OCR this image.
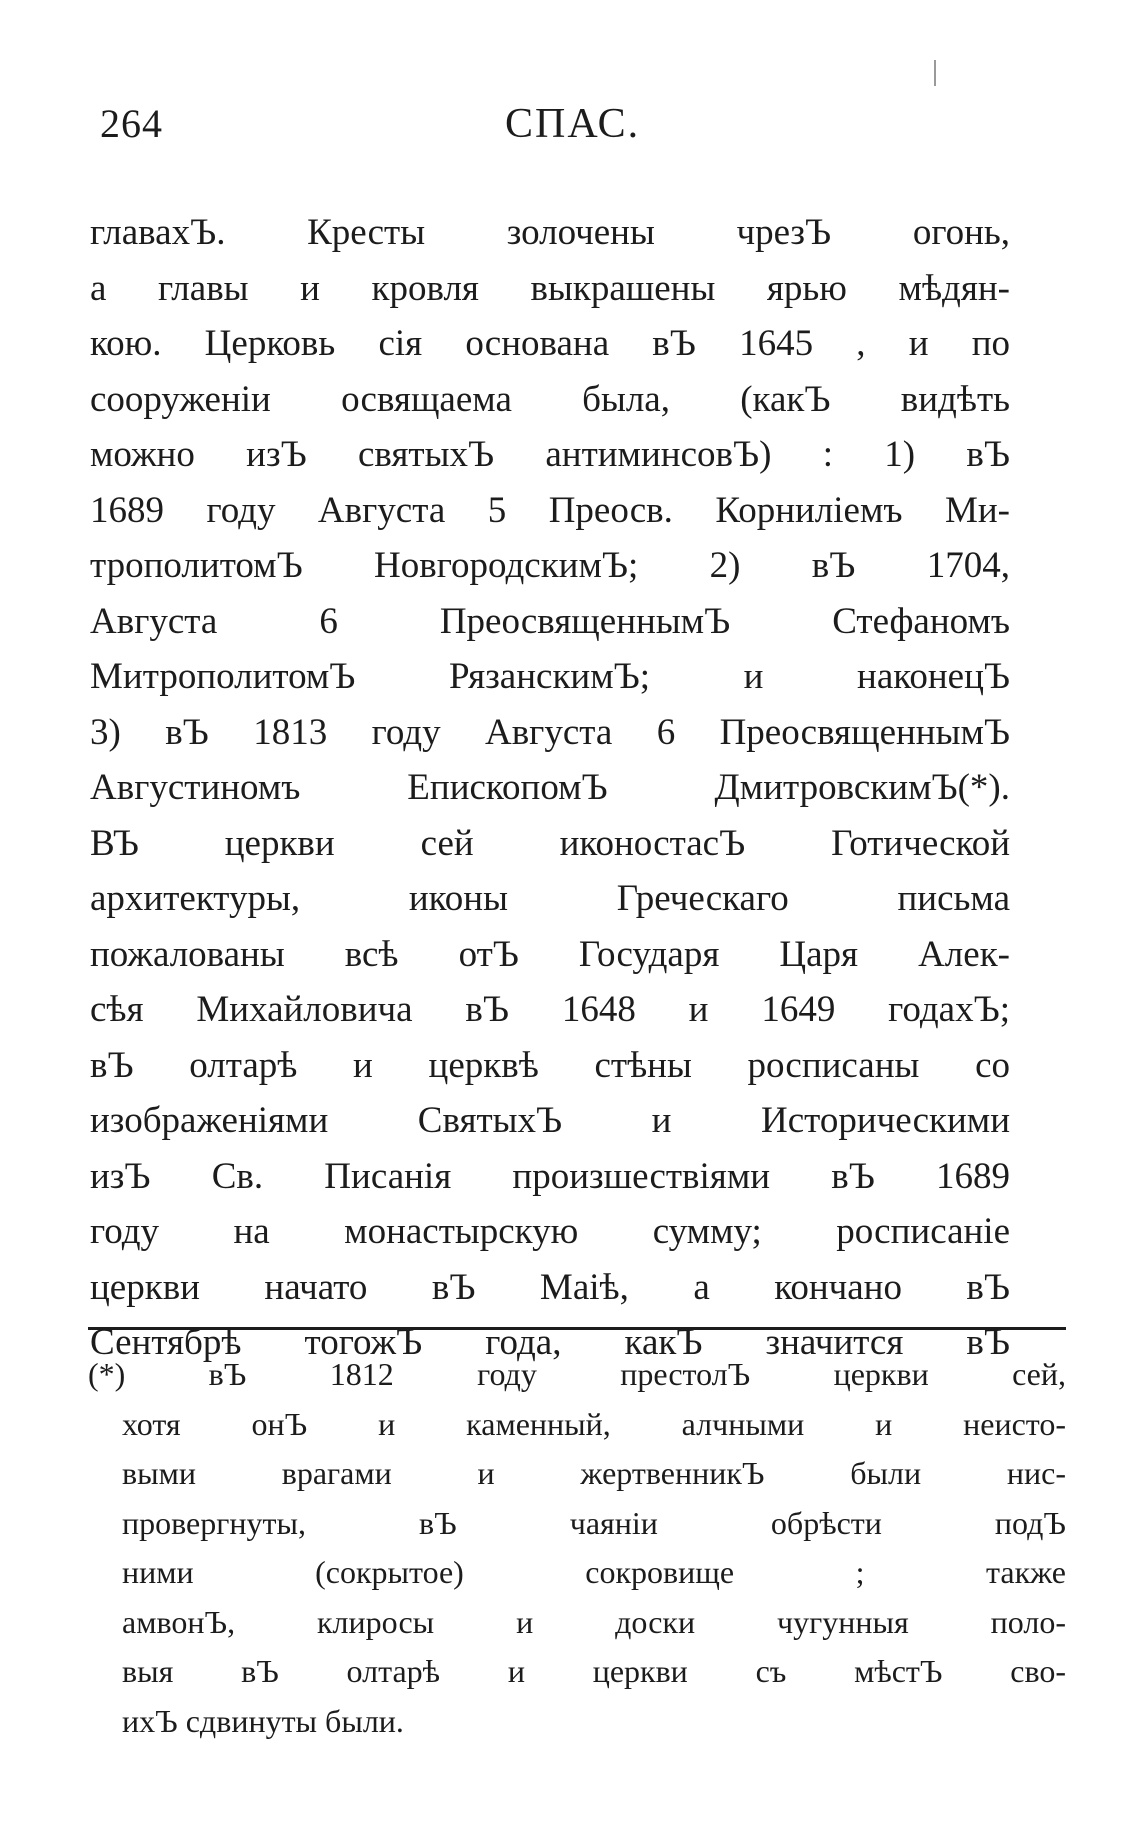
264	СПАС.
главахЪ. Кресты золочены чрезЪ огонь,
а главы и кровля выкрашены ярью мѣдян-
кою. Церковь сія основана вЪ 1645 , и по
сооруженіи освящаема была, (какЪ видѣть
можно изЪ святыхЪ антиминсовЪ) : 1) вЪ
1689 году Августа 5 Преосв. Корниліемъ Ми-
трополитомЪ НовгородскимЪ; 2) вЪ 1704,
Августа 6 ПреосвященнымЪ Стефаномъ
МитрополитомЪ РязанскимЪ; и наконецЪ
3) вЪ 1813 году Августа 6 ПреосвященнымЪ
Августиномъ ЕпископомЪ ДмитровскимЪ(*).
ВЪ церкви сей иконостасЪ Готической
архитектуры, иконы Греческаго письма
пожалованы всѣ отЪ Государя Царя Алек-
сѣя Михайловича вЪ 1648 и 1649 годахЪ;
вЪ олтарѣ и церквѣ стѣны росписаны со
изображеніями СвятыхЪ и Историческими
изЪ Св. Писанія произшествіями вЪ 1689
году на монастырскую сумму; росписаніе
церкви начато вЪ Маіѣ, а кончано вЪ
Сентябрѣ тогожЪ года, какЪ значится вЪ
(*) вЪ 1812 году престолЪ церкви сей,
хотя онЪ и каменный, алчными и неисто-
выми врагами и жертвенникЪ были нис-
провергнуты, вЪ чаяніи обрѣсти подЪ
ними (сокрытое) сокровище ; также
амвонЪ, клиросы и доски чугунныя поло-
выя вЪ олтарѣ и церкви съ мѣстЪ сво-
ихЪ сдвинуты были.
